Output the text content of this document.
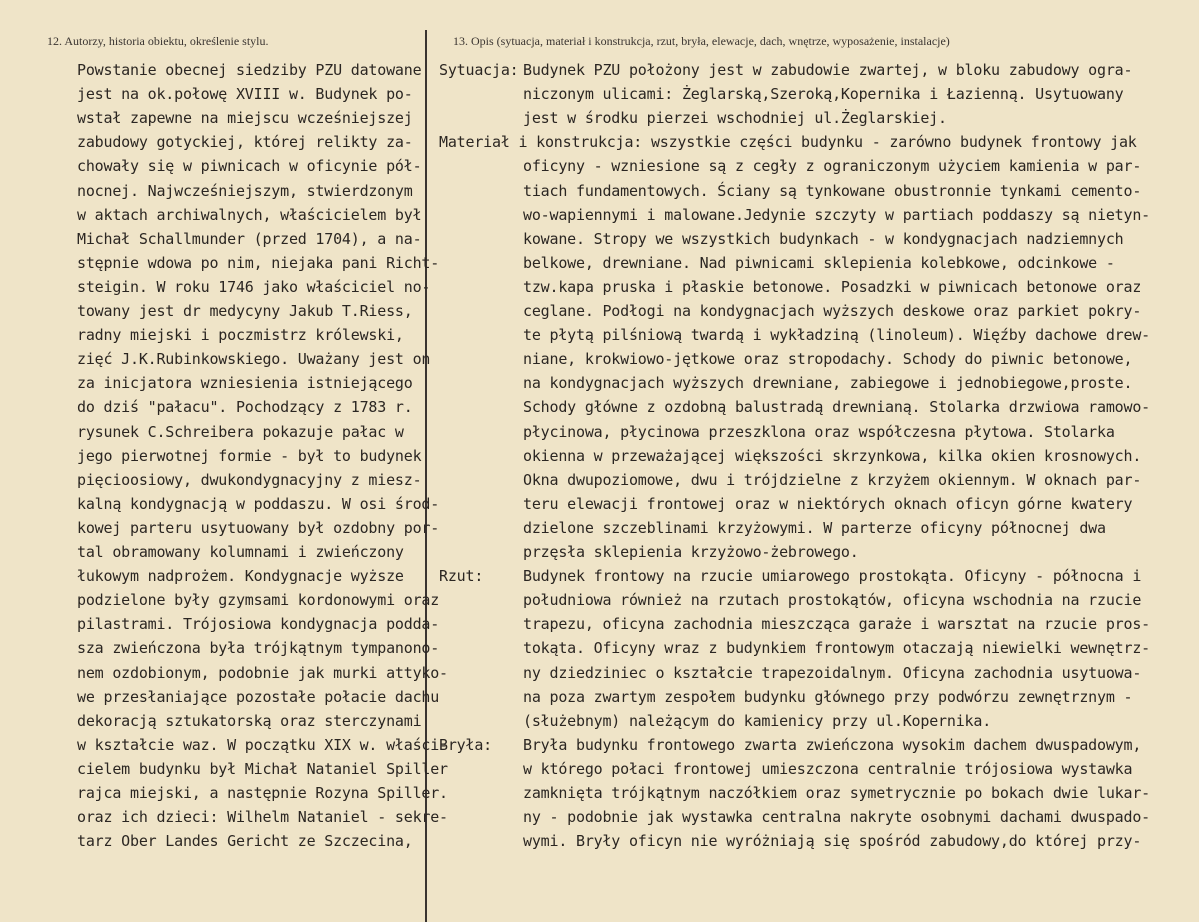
12. Autorzy, historia obiektu, określenie stylu.	13. Opis (sytuacja, materiał i konstrukcja, rzut, bryła, elewacje, dach, wnętrze, wyposażenie, instalacje)
Powstanie obecnej siedziby PZU datowane
jest na ok.połowę XVIII w. Budynek po-
wstał zapewne na miejscu wcześniejszej
zabudowy gotyckiej, której relikty za-
chowały się w piwnicach w oficynie pół-
nocnej. Najwcześniejszym, stwierdzonym
w aktach archiwalnych, właścicielem był
Michał Schallmunder (przed 1704), a na-
stępnie wdowa po nim, niejaka pani Richt-
steigin. W roku 1746 jako właściciel no-
towany jest dr medycyny Jakub T.Riess,
radny miejski i poczmistrz królewski,
zięć J.K.Rubinkowskiego. Uważany jest on
za inicjatora wzniesienia istniejącego
do dziś "pałacu". Pochodzący z 1783 r.
rysunek C.Schreibera pokazuje pałac w
jego pierwotnej formie - był to budynek
pięcioosiowy, dwukondygnacyjny z miesz-
kalną kondygnacją w poddaszu. W osi środ-
kowej parteru usytuowany był ozdobny por-
tal obramowany kolumnami i zwieńczony
łukowym nadprożem. Kondygnacje wyższe
podzielone były gzymsami kordonowymi oraz
pilastrami. Trójosiowa kondygnacja podda-
sza zwieńczona była trójkątnym tympanono-
nem ozdobionym, podobnie jak murki attyko-
we przesłaniające pozostałe połacie dachu
dekoracją sztukatorską oraz sterczynami
w kształcie waz. W początku XIX w. właści-
cielem budynku był Michał Nataniel Spiller
rajca miejski, a następnie Rozyna Spiller.
oraz ich dzieci: Wilhelm Nataniel - sekre-
tarz Ober Landes Gericht ze Szczecina,
Sytuacja: Budynek PZU położony jest w zabudowie zwartej, w bloku zabudowy ogra-
niczonym ulicami: Żeglarską,Szeroką,Kopernika i Łazienną. Usytuowany
jest w środku pierzei wschodniej ul.Żeglarskiej.
Materiał i konstrukcja: wszystkie części budynku - zarówno budynek frontowy jak
oficyny - wzniesione są z cegły z ograniczonym użyciem kamienia w par-
tiach fundamentowych. Ściany są tynkowane obustronnie tynkami cemento-
wo-wapiennymi i malowane.Jedynie szczyty w partiach poddaszy są nietyn-
kowane. Stropy we wszystkich budynkach - w kondygnacjach nadziemnych
belkowe, drewniane. Nad piwnicami sklepienia kolebkowe, odcinkowe -
tzw.kapa pruska i płaskie betonowe. Posadzki w piwnicach betonowe oraz
ceglane. Podłogi na kondygnacjach wyższych deskowe oraz parkiet pokry-
te płytą pilśniową twardą i wykładziną (linoleum). Więźby dachowe drew-
niane, krokwiowo-jętkowe oraz stropodachy. Schody do piwnic betonowe,
na kondygnacjach wyższych drewniane, zabiegowe i jednobiegowe,proste.
Schody główne z ozdobną balustradą drewnianą. Stolarka drzwiowa ramowo-
płycinowa, płycinowa przeszklona oraz współczesna płytowa. Stolarka
okienna w przeważającej większości skrzynkowa, kilka okien krosnowych.
Okna dwupoziomowe, dwu i trójdzielne z krzyżem okiennym. W oknach par-
teru elewacji frontowej oraz w niektórych oknach oficyn górne kwatery
dzielone szczeblinami krzyżowymi. W parterze oficyny północnej dwa
przęsła sklepienia krzyżowo-żebrowego.
Rzut:	Budynek frontowy na rzucie umiarowego prostokąta. Oficyny - północna i
południowa również na rzutach prostokątów, oficyna wschodnia na rzucie
trapezu, oficyna zachodnia mieszcząca garaże i warsztat na rzucie pros-
tokąta. Oficyny wraz z budynkiem frontowym otaczają niewielki wewnętrz-
ny dziedziniec o kształcie trapezoidalnym. Oficyna zachodnia usytuowa-
na poza zwartym zespołem budynku głównego przy podwórzu zewnętrznym -
(służebnym) należącym do kamienicy przy ul.Kopernika.
Bryła: Bryła budynku frontowego zwarta zwieńczona wysokim dachem dwuspadowym,
w którego połaci frontowej umieszczona centralnie trójosiowa wystawka
zamknięta trójkątnym naczółkiem oraz symetrycznie po bokach dwie lukar-
ny - podobnie jak wystawka centralna nakryte osobnymi dachami dwuspado-
wymi. Bryły oficyn nie wyróżniają się spośród zabudowy,do której przy-
